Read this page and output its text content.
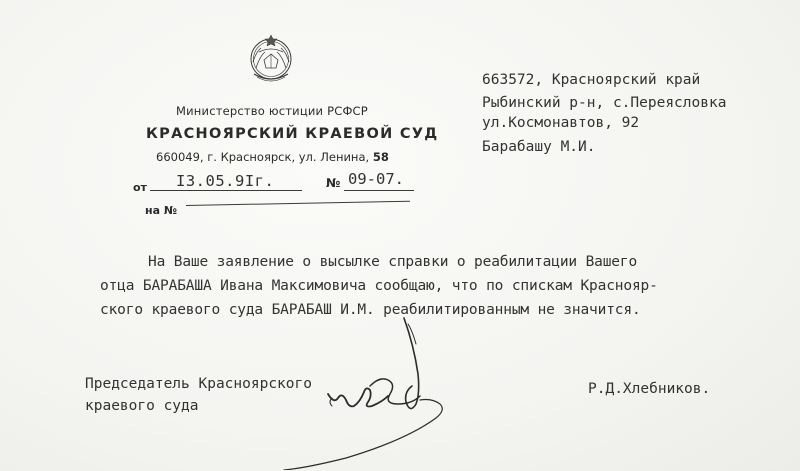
Министерство юстиции РСФСР
КРАСНОЯРСКИЙ КРАЕВОЙ СУД
660049, г. Красноярск, ул. Ленина, 58
от I3.05.9Iг.	№ 09-07.
на №
663572, Красноярский край
Рыбинский р-н, с.Переясловка
ул.Космонавтов, 92
Барабашу М.И.
На Ваше заявление о высылке справки о реабилитации Вашего
отца БАРАБАША Ивана Максимовича сообщаю, что по спискам Краснояр-
ского краевого суда БАРАБАШ И.М. реабилитированным не значится.
Председатель Красноярского
краевого суда
Р.Д.Хлебников.
